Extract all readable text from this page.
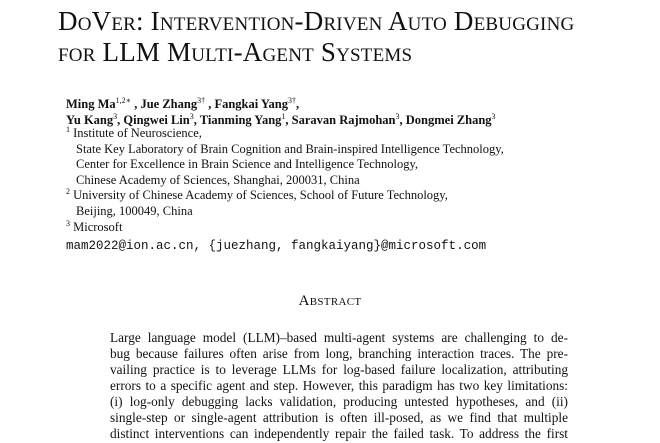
DoVer: Intervention-Driven Auto Debugging
for LLM Multi-Agent Systems
Ming $Ma^{1,2∗}$ , Jue Zhang$^{3\dagger}$ , Fangkai Yang$^{3\dagger}$,
Yu Kang$^3$, Qingwei Lin$^3$, Tianming Yang$^1$, Saravan Rajmohan$^3$, Dongmei Zhang$^3$
$^1$ Institute of Neuroscience,
State Key Laboratory of Brain Cognition and Brain-inspired Intelligence Technology,
Center for Excellence in Brain Science and Intelligence Technology,
Chinese Academy of Sciences, Shanghai, 200031, China
$^2$ University of Chinese Academy of Sciences, School of Future Technology,
Beijing, 100049, China
$^3$ Microsoft
mam2022@ion.ac.cn, {juezhang, fangkaiyang}@microsoft.com
Abstract
Large language model (LLM)–based multi-agent systems are challenging to de-
bug because failures often arise from long, branching interaction traces. The pre-
vailing practice is to leverage LLMs for log-based failure localization, attributing
errors to a specific agent and step. However, this paradigm has two key limitations:
(i) log-only debugging lacks validation, producing untested hypotheses, and (ii)
single-step or single-agent attribution is often ill-posed, as we find that multiple
distinct interventions can independently repair the failed task. To address the first
